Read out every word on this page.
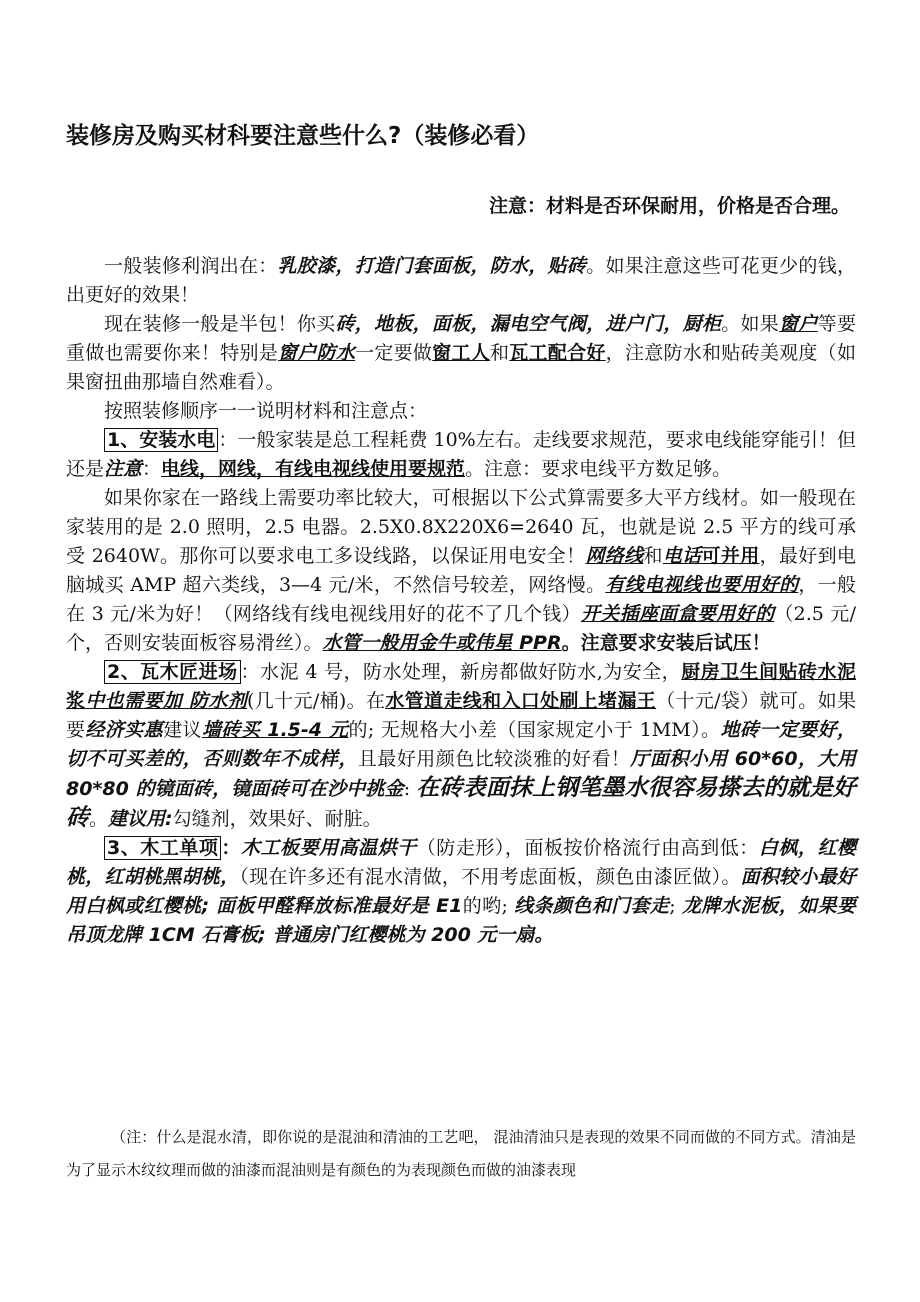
装修房及购买材科要注意些什么?（装修必看）
注意：材料是否环保耐用，价格是否合理。

一般装修利润出在：乳胶漆，打造门套面板，防水，贴砖。如果注意这些可花更少的钱，出更好的效果！

现在装修一般是半包！你买砖，地板，面板，漏电空气阀，进户门，厨柜。如果窗户等要重做也需要你来！特别是窗户防水一定要做窗工人和瓦工配合好，注意防水和贴砖美观度（如果窗扭曲那墙自然难看）。

按照装修顺序一一说明材料和注意点：

1、安装水电 ：一般家装是总工程耗费 10%左右。走线要求规范，要求电线能穿能引！但还是注意：电线，网线，有线电视线使用要规范。注意：要求电线平方数足够。

如果你家在一路线上需要功率比较大，可根据以下公式算需要多大平方线材。如一般现在家装用的是 2.0 照明，2.5 电器。2.5X0.8X220X6=2640 瓦，也就是说 2.5 平方的线可承受 2640W。那你可以要求电工多设线路，以保证用电安全！网络线和电话可并用，最好到电脑城买 AMP 超六类线，3—4 元/米，不然信号较差，网络慢。有线电视线也要用好的，一般在 3 元/米为好！（网络线有线电视线用好的花不了几个钱）开关插座面盒要用好的（2.5 元/个，否则安装面板容易滑丝）。水管一般用金牛或伟星 PPR。注意要求安装后试压！

2、瓦木匠进场 ：水泥 4 号，防水处理，新房都做好防水,为安全，厨房卫生间贴砖水泥浆中也需要加 防水剂(几十元/桶)。在水管道走线和入口处刷上堵漏王（十元/袋）就可。如果要经济实惠建议墙砖买 1.5-4 元的; 无规格大小差（国家规定小于 1MM）。地砖一定要好，切不可买差的，否则数年不成样，且最好用颜色比较淡雅的好看！厅面积小用 60*60，大用 80*80 的镜面砖，镜面砖可在沙中挑金: 在砖表面抹上钢笔墨水很容易搽去的就是好砖。建议用:勾缝剂，效果好、耐脏。

3、木工单项 ：木工板要用高温烘干（防走形），面板按价格流行由高到低：白枫，红樱桃，红胡桃黑胡桃，（现在许多还有混水清做，不用考虑面板，颜色由漆匠做）。面积较小最好用白枫或红樱桃; 面板甲醛释放标准最好是 E1的哟; 线条颜色和门套走; 龙牌水泥板，如果要吊顶龙牌 1CM 石膏板; 普通房门红樱桃为 200 元一扇。

（注：什么是混水清，即你说的是混油和清油的工艺吧， 混油清油只是表现的效果不同而做的不同方式。清油是为了显示木纹纹理而做的油漆而混油则是有颜色的为表现颜色而做的油漆表现
